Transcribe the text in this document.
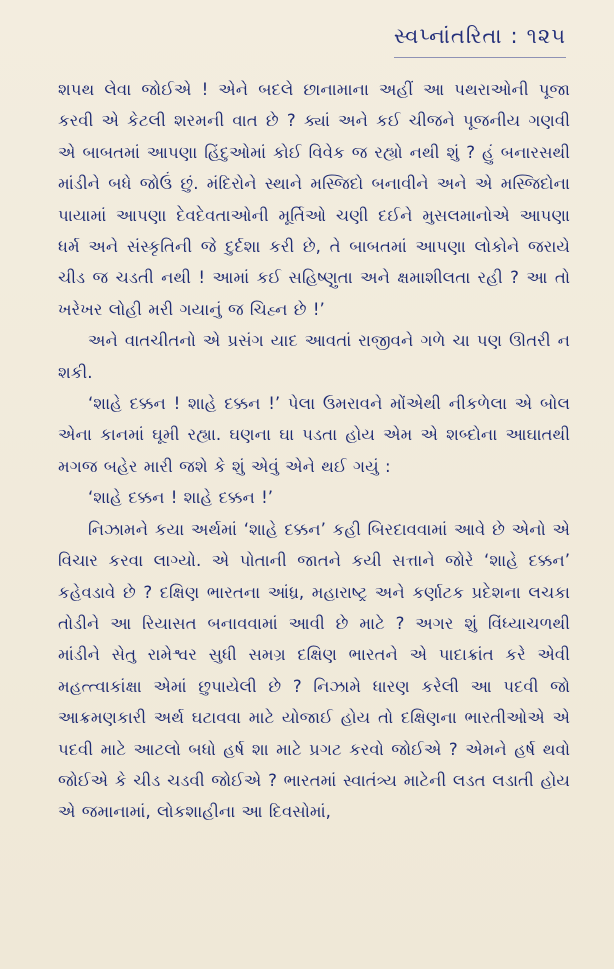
સ્વપ્નાંતરિતા : ૧૨૫

શપથ લેવા જોઈએ ! એને બદલે છાનામાના અહીં આ પથરાઓની પૂજા કરવી એ કેટલી શરમની વાત છે ? ક્યાં અને કઈ ચીજને પૂજનીય ગણવી એ બાબતમાં આપણા હિંદુઓમાં કોઈ વિવેક જ રહ્યો નથી શું ? હું બનારસથી માંડીને બધે જોઉં છું. મંદિરોને સ્થાને મસ્જિદો બનાવીને અને એ મસ્જિદોના પાયામાં આપણા દેવદેવતાઓની મૂર્તિઓ ચણી દઈને મુસલમાનોએ આપણા ધર્મ અને સંસ્કૃતિની જે દુર્દશા કરી છે, તે બાબતમાં આપણા લોકોને જરાયે ચીડ જ ચડતી નથી ! આમાં કઈ સહિષ્ણુતા અને ક્ષમાશીલતા રહી ? આ તો ખરેખર લોહી મરી ગયાનું જ ચિહ્ન છે !’

અને વાતચીતનો એ પ્રસંગ યાદ આવતાં રાજીવને ગળે ચા પણ ઊતરી ન શકી.

‘શાહે દક્કન ! શાહે દક્કન !’ પેલા ઉમરાવને મોંએથી નીકળેલા એ બોલ એના કાનમાં ઘૂમી રહ્યા. ઘણના ઘા પડતા હોય એમ એ શબ્દોના આઘાતથી મગજ બહેર મારી જશે કે શું એવું એને થઈ ગયું :

‘શાહે દક્કન ! શાહે દક્કન !’

નિઝામને કયા અર્થમાં ‘શાહે દક્કન’ કહી બિરદાવવામાં આવે છે એનો એ વિચાર કરવા લાગ્યો. એ પોતાની જાતને કયી સત્તાને જોરે ‘શાહે દક્કન’ કહેવડાવે છે ? દક્ષિણ ભારતના આંધ્ર, મહારાષ્ટ્ર અને કર્ણાટક પ્રદેશના લચકા તોડીને આ રિયાસત બનાવવામાં આવી છે માટે ? અગર શું વિંધ્યાચળથી માંડીને સેતુ રામેશ્વર સુધી સમગ્ર દક્ષિણ ભારતને એ પાદાક્રાંત કરે એવી મહત્ત્વાકાંક્ષા એમાં છુપાયેલી છે ? નિઝામે ધારણ કરેલી આ પદવી જો આક્રમણકારી અર્થ ઘટાવવા માટે યોજાઈ હોય તો દક્ષિણના ભારતીઓએ એ પદવી માટે આટલો બધો હર્ષ શા માટે પ્રગટ કરવો જોઈએ ? એમને હર્ષ થવો જોઈએ કે ચીડ ચડવી જોઈએ ? ભારતમાં સ્વાતંત્ર્ય માટેની લડત લડાતી હોય એ જમાનામાં, લોકશાહીના આ દિવસોમાં,
